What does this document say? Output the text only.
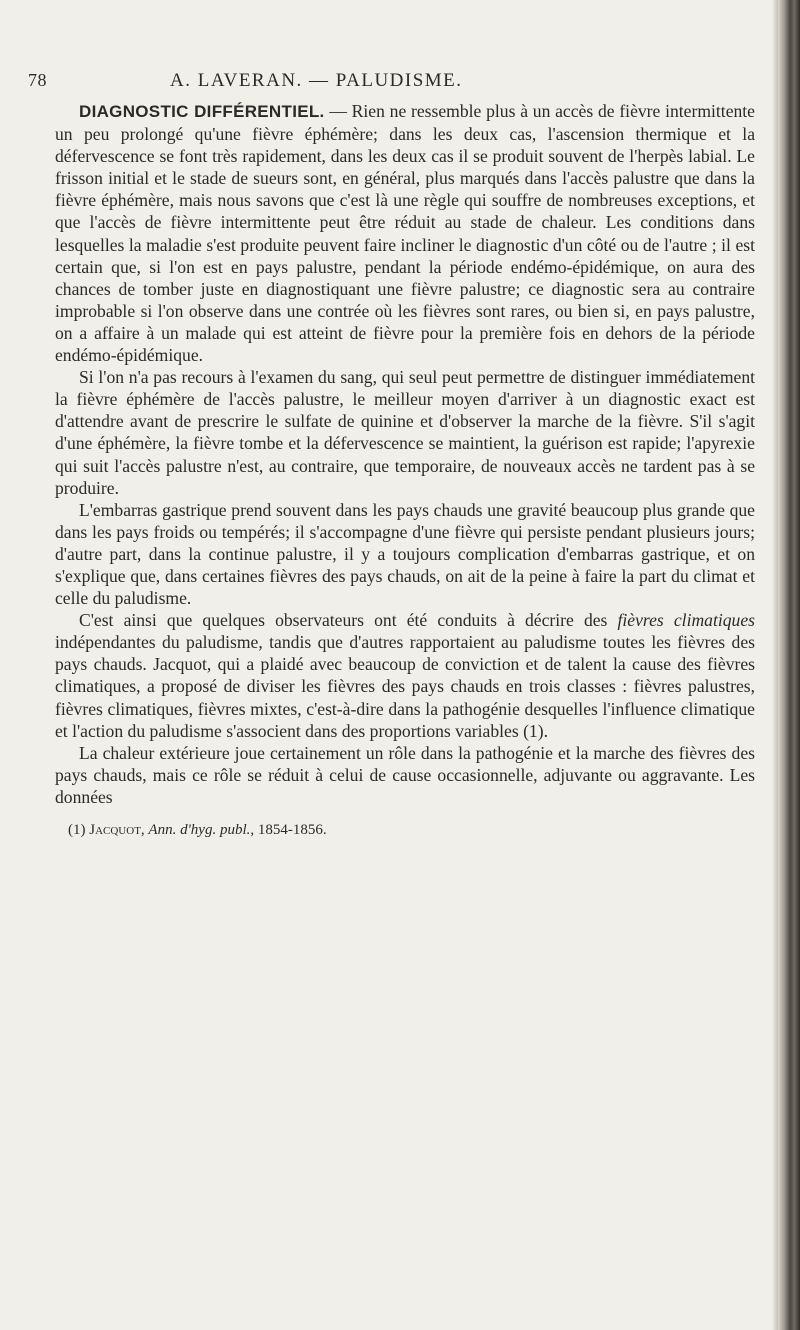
78	A. LAVERAN. — PALUDISME.

DIAGNOSTIC DIFFÉRENTIEL. — Rien ne ressemble plus à un accès de fièvre intermittente un peu prolongé qu'une fièvre éphémère; dans les deux cas, l'ascension thermique et la défervescence se font très rapidement, dans les deux cas il se produit souvent de l'herpès labial. Le frisson initial et le stade de sueurs sont, en général, plus marqués dans l'accès palustre que dans la fièvre éphémère, mais nous savons que c'est là une règle qui souffre de nombreuses exceptions, et que l'accès de fièvre intermittente peut être réduit au stade de chaleur. Les conditions dans lesquelles la maladie s'est produite peuvent faire incliner le diagnostic d'un côté ou de l'autre ; il est certain que, si l'on est en pays palustre, pendant la période endémo-épidémique, on aura des chances de tomber juste en diagnostiquant une fièvre palustre; ce diagnostic sera au contraire improbable si l'on observe dans une contrée où les fièvres sont rares, ou bien si, en pays palustre, on a affaire à un malade qui est atteint de fièvre pour la première fois en dehors de la période endémo-épidémique.

Si l'on n'a pas recours à l'examen du sang, qui seul peut permettre de distinguer immédiatement la fièvre éphémère de l'accès palustre, le meilleur moyen d'arriver à un diagnostic exact est d'attendre avant de prescrire le sulfate de quinine et d'observer la marche de la fièvre. S'il s'agit d'une éphémère, la fièvre tombe et la défervescence se maintient, la guérison est rapide; l'apyrexie qui suit l'accès palustre n'est, au contraire, que temporaire, de nouveaux accès ne tardent pas à se produire.

L'embarras gastrique prend souvent dans les pays chauds une gravité beaucoup plus grande que dans les pays froids ou tempérés; il s'accompagne d'une fièvre qui persiste pendant plusieurs jours; d'autre part, dans la continue palustre, il y a toujours complication d'embarras gastrique, et on s'explique que, dans certaines fièvres des pays chauds, on ait de la peine à faire la part du climat et celle du paludisme.

C'est ainsi que quelques observateurs ont été conduits à décrire des fièvres climatiques indépendantes du paludisme, tandis que d'autres rapportaient au paludisme toutes les fièvres des pays chauds. Jacquot, qui a plaidé avec beaucoup de conviction et de talent la cause des fièvres climatiques, a proposé de diviser les fièvres des pays chauds en trois classes : fièvres palustres, fièvres climatiques, fièvres mixtes, c'est-à-dire dans la pathogénie desquelles l'influence climatique et l'action du paludisme s'associent dans des proportions variables (1).

La chaleur extérieure joue certainement un rôle dans la pathogénie et la marche des fièvres des pays chauds, mais ce rôle se réduit à celui de cause occasionnelle, adjuvante ou aggravante. Les données

(1) Jacquot, Ann. d'hyg. publ., 1854-1856.
